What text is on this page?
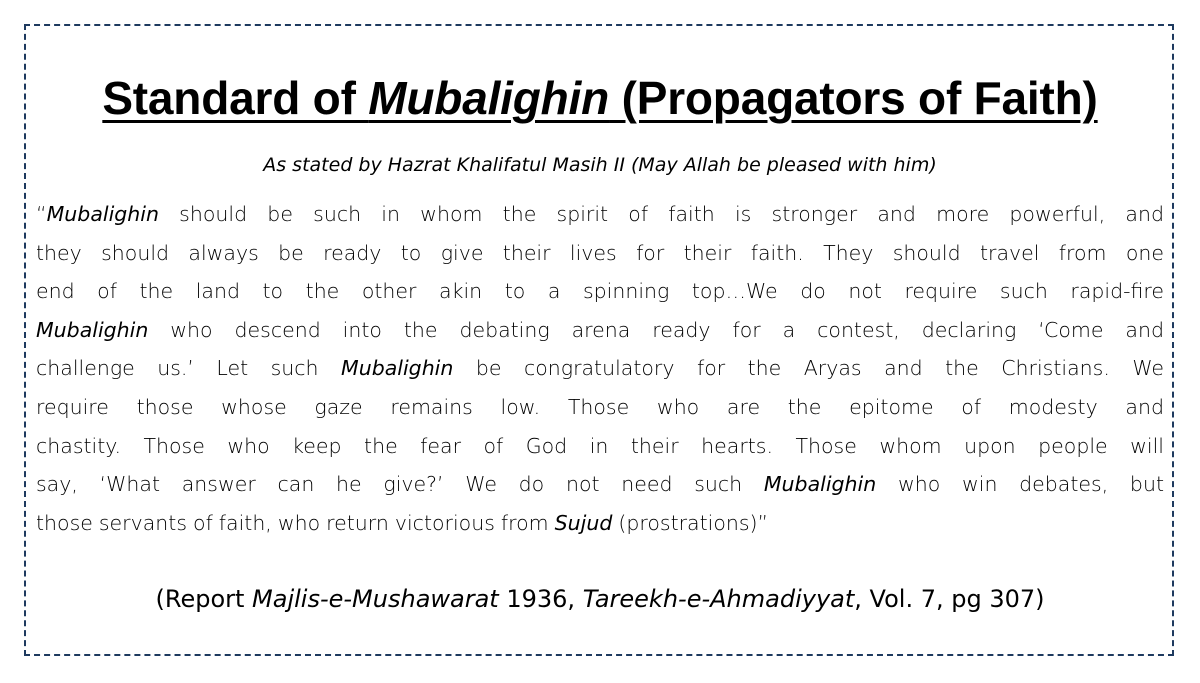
Standard of Mubalighin (Propagators of Faith)
As stated by Hazrat Khalifatul Masih II (May Allah be pleased with him)
“Mubalighin should be such in whom the spirit of faith is stronger and more powerful, and
they should always be ready to give their lives for their faith. They should travel from one
end of the land to the other akin to a spinning top…We do not require such rapid-fire
Mubalighin who descend into the debating arena ready for a contest, declaring ‘Come and
challenge us.’ Let such Mubalighin be congratulatory for the Aryas and the Christians. We
require those whose gaze remains low. Those who are the epitome of modesty and
chastity. Those who keep the fear of God in their hearts. Those whom upon people will
say, ‘What answer can he give?’ We do not need such Mubalighin who win debates, but
those servants of faith, who return victorious from Sujud (prostrations)”
(Report Majlis-e-Mushawarat 1936, Tareekh-e-Ahmadiyyat, Vol. 7, pg 307)
